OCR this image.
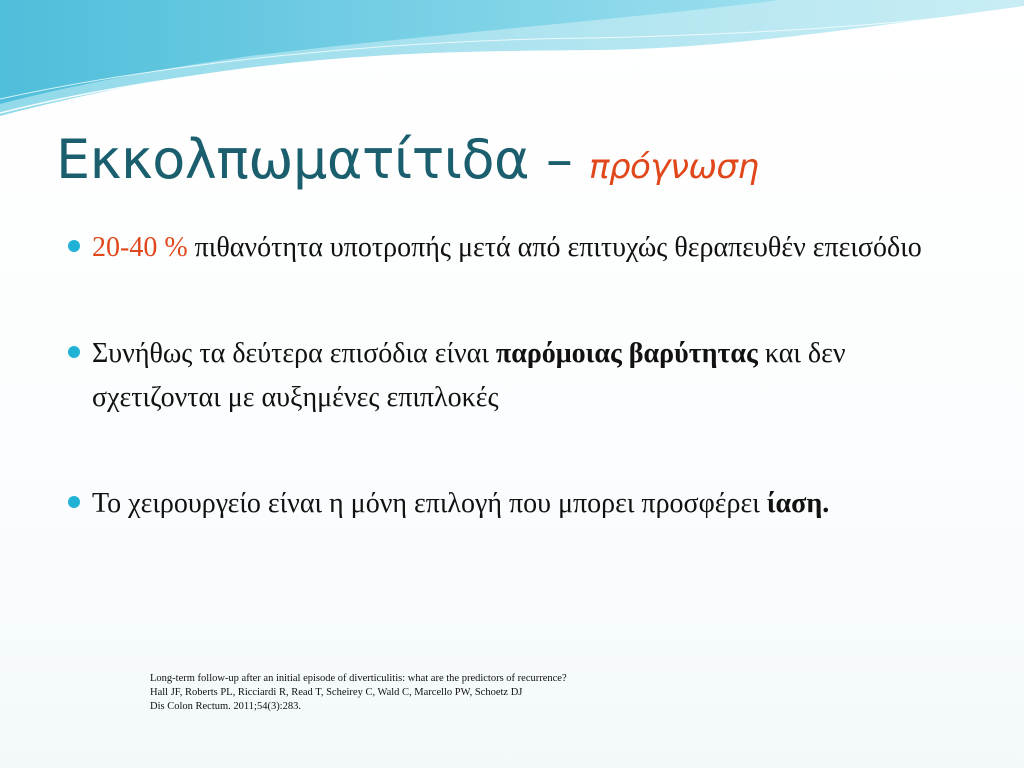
Εκκολπωματίτιδα – πρόγνωση
20-40 % πιθανότητα υποτροπής μετά από επιτυχώς θεραπευθέν επεισόδιο
Συνήθως τα δεύτερα επισόδια είναι παρόμοιας βαρύτητας και δεν σχετιζονται με αυξημένες επιπλοκές
Το χειρουργείο είναι η μόνη επιλογή που μπορει προσφέρει ίαση.
Long-term follow-up after an initial episode of diverticulitis: what are the predictors of recurrence?
Hall JF, Roberts PL, Ricciardi R, Read T, Scheirey C, Wald C, Marcello PW, Schoetz DJ
Dis Colon Rectum. 2011;54(3):283.
